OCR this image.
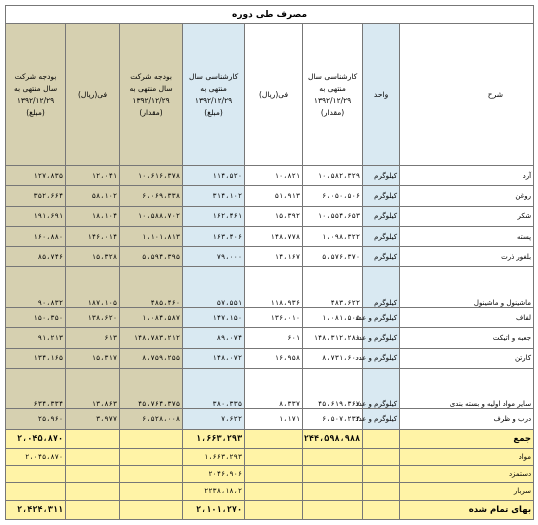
مصرف طی دوره							
شرح	واحد	کارشناسی سال منتهی به ۱۳۹۲/۱۲/۲۹ (مقدار)	فی(ریال)	کارشناسی سال منتهی به ۱۳۹۲/۱۲/۲۹ (مبلغ)	بودجه شرکت سال منتهی به ۱۳۹۲/۱۲/۲۹ (مقدار)	فی(ریال)	بودجه شرکت سال منتهی به ۱۳۹۲/۱۲/۲۹ (مبلغ)
آرد	کیلوگرم	۱۰،۵۸۲،۳۲۹	۱۰،۸۲۱	۱۱۴،۵۲۰	۱۰،۶۱۶،۳۷۸	۱۲،۰۴۱	۱۲۷،۸۳۵
روغن	کیلوگرم	۶،۰۵۰،۵۰۶	۵۱،۹۱۳	۳۱۴،۱۰۲	۶،۰۶۹،۳۳۸	۵۸،۱۰۲	۳۵۲،۶۶۴
شکر	کیلوگرم	۱۰،۵۵۴،۶۵۳	۱۵،۳۹۲	۱۶۲،۴۶۱	۱۰،۵۸۸،۷۰۲	۱۸،۱۰۴	۱۹۱،۶۹۱
پسته	کیلوگرم	۱،۰۹۸،۳۲۲	۱۴۸،۷۷۸	۱۶۳،۴۰۶	۱،۱۰۱،۸۱۳	۱۴۶،۰۱۴	۱۶۰،۸۸۰
بلغور ذرت	کیلوگرم	۵،۵۷۶،۳۷۰	۱۴،۱۶۷	۷۹،۰۰۰	۵،۵۹۴،۳۹۵	۱۵،۳۲۸	۸۵،۷۴۶
ماشینول و ماشینول	کیلوگرم	۴۸۳،۶۲۲	۱۱۸،۹۳۶	۵۷،۵۵۱	۴۸۵،۴۶۰	۱۸۷،۱۰۵	۹۰،۸۳۲
لفاف	کیلوگرم و عدد	۱،۰۸۱،۵۰۵	۱۳۶،۰۱۰	۱۴۷،۱۵۰	۱،۰۸۴،۵۸۷	۱۳۸،۶۲۰	۱۵۰،۳۵۰
جعبه و اتیکت	کیلوگرم و عدد	۱۴۸،۳۱۲،۲۸۱	۶۰۱	۸۹،۰۷۴	۱۴۸،۷۸۳،۲۱۲	۶۱۳	۹۱،۲۱۳
کارتن	کیلوگرم و عدد	۸،۷۳۱،۶۰۰	۱۶،۹۵۸	۱۴۸،۰۷۲	۸،۷۵۹،۲۵۵	۱۵،۳۱۷	۱۳۴،۱۶۵
سایر مواد اولیه و بسته بندی	کیلوگرم و عدد	۴۵،۶۱۹،۳۶۷	۸،۳۳۷	۳۸۰،۳۳۵	۴۵،۷۶۴،۳۷۵	۱۳،۸۶۳	۶۳۴،۳۳۴
درب و ظرف	کیلوگرم و عدد	۶،۵۰۷،۲۳۴	۱،۱۷۱	۷،۶۲۲	۶،۵۲۸،۰۰۸	۳،۹۷۷	۲۵،۹۶۰
جمع		۲۴۴،۵۹۸،۹۸۸		۱،۶۶۳،۲۹۳			۲،۰۴۵،۸۷۰
مواد				۱،۶۶۳،۲۹۳			۲،۰۴۵،۸۷۰
دستمزد				۲۰۴۶،۹۰۶			
سربار				۲۲۳۸،۱۸،۲			
بهای تمام شده				۲،۱۰۱،۲۷۰			۲،۴۲۴،۳۱۱
